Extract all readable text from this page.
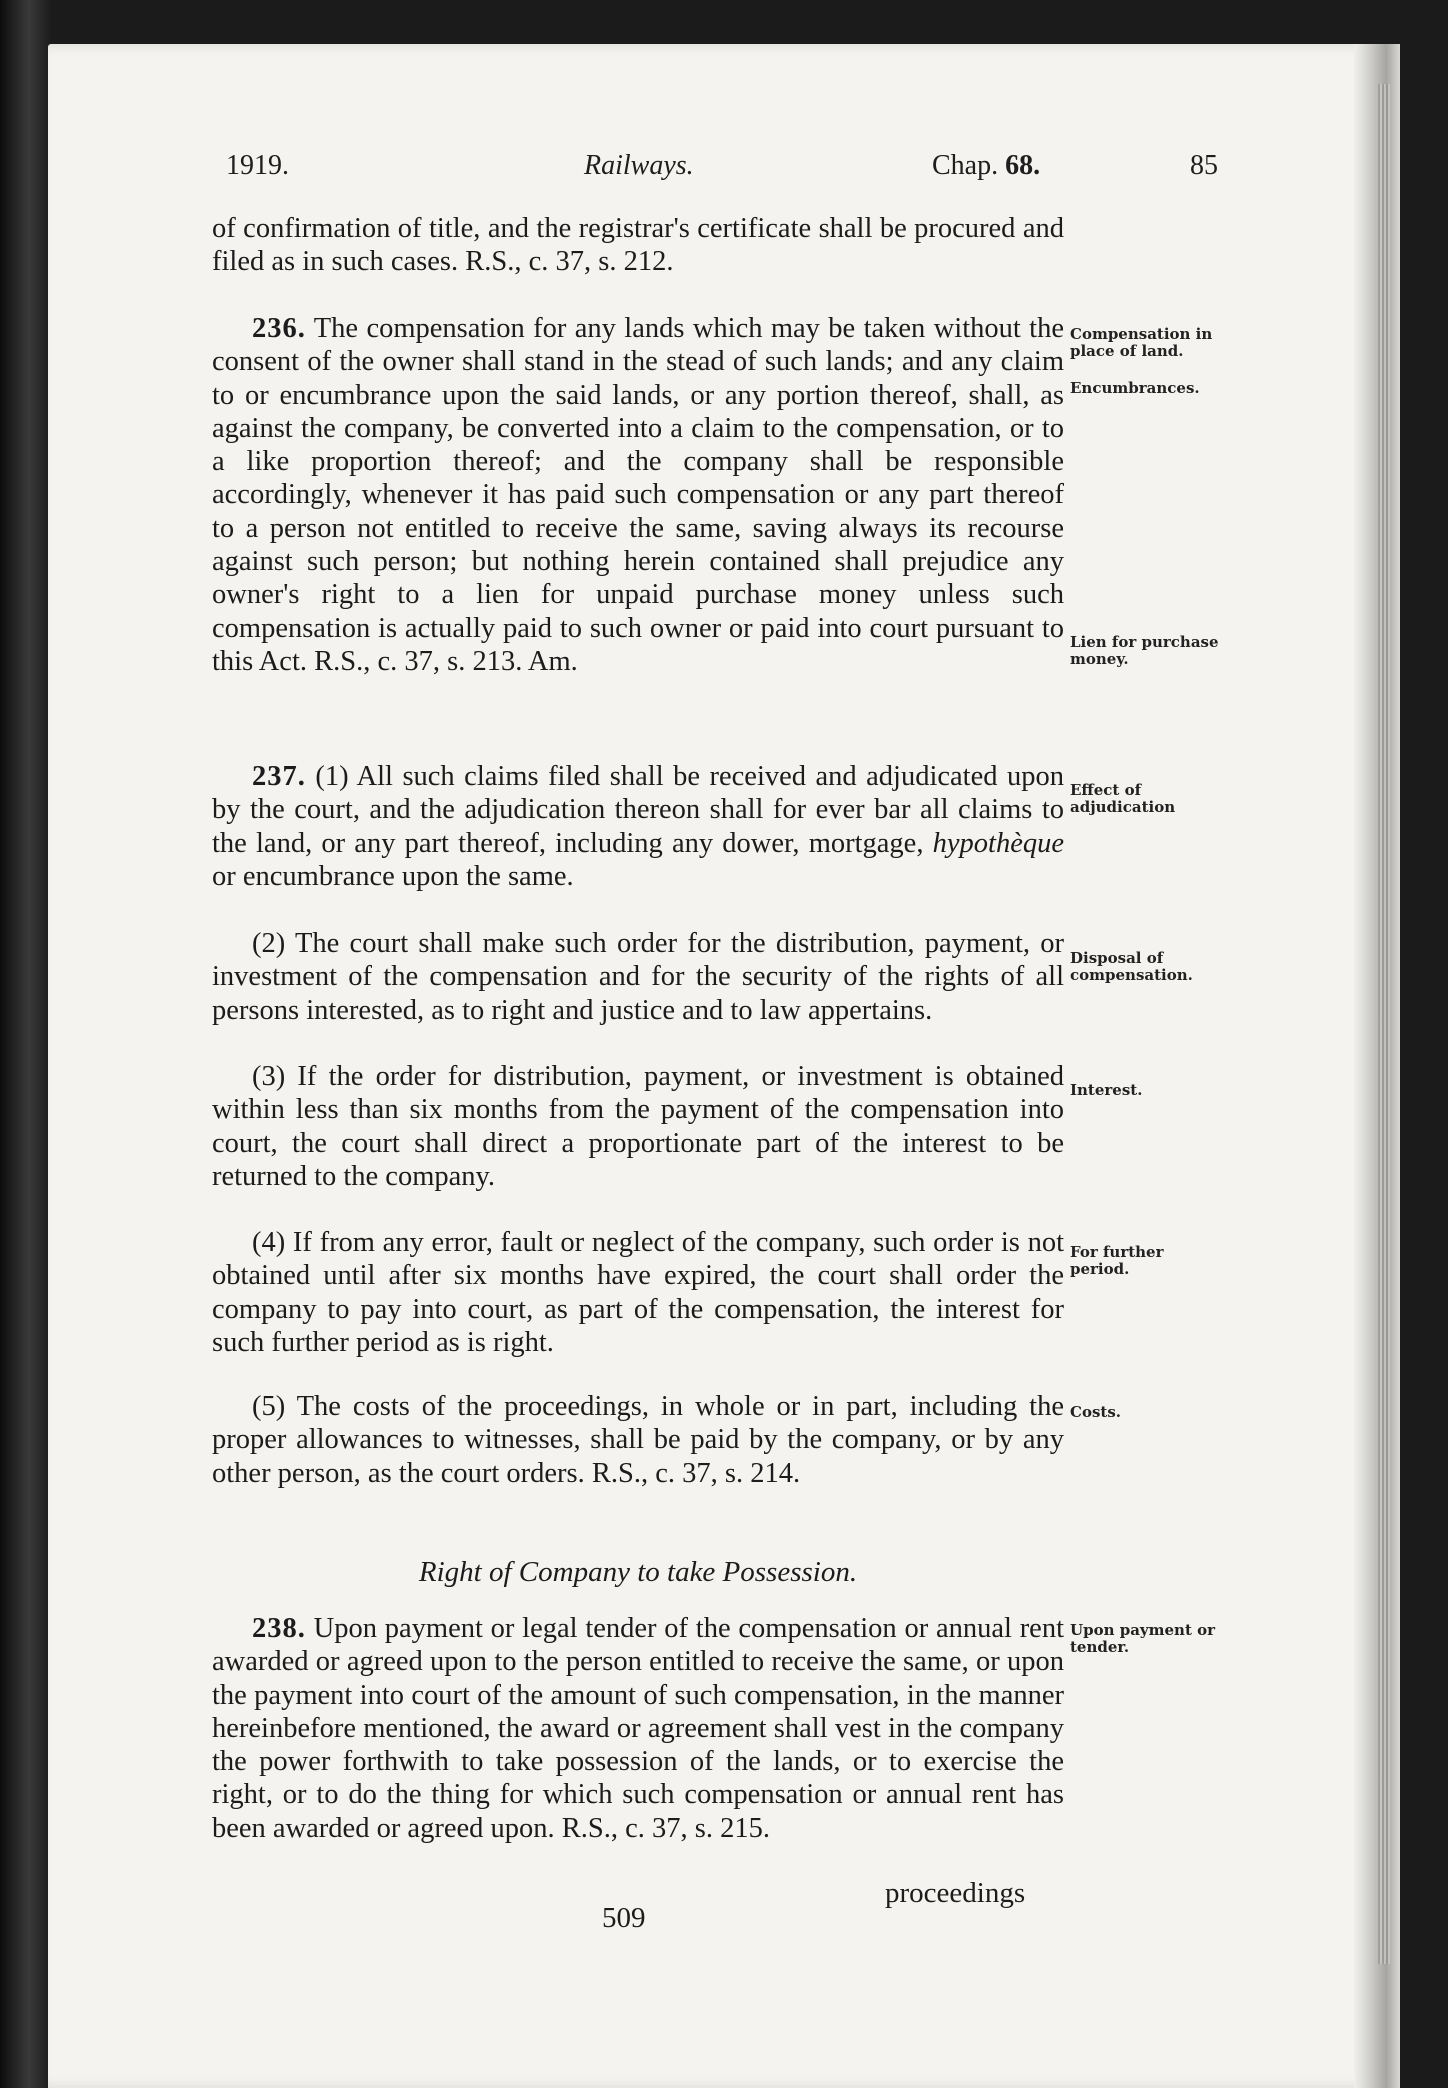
1919.	Railways.	Chap. 68.	85
of confirmation of title, and the registrar's certificate shall be procured and filed as in such cases. R.S., c. 37, s. 212.
236. The compensation for any lands which may be taken without the consent of the owner shall stand in the stead of such lands; and any claim to or encumbrance upon the said lands, or any portion thereof, shall, as against the company, be converted into a claim to the compensation, or to a like proportion thereof; and the company shall be responsible accordingly, whenever it has paid such compensation or any part thereof to a person not entitled to receive the same, saving always its recourse against such person; but nothing herein contained shall prejudice any owner's right to a lien for unpaid purchase money unless such compensation is actually paid to such owner or paid into court pursuant to this Act. R.S., c. 37, s. 213. Am.
237. (1) All such claims filed shall be received and adjudicated upon by the court, and the adjudication thereon shall for ever bar all claims to the land, or any part thereof, including any dower, mortgage, hypothèque or encumbrance upon the same.
(2) The court shall make such order for the distribution, payment, or investment of the compensation and for the security of the rights of all persons interested, as to right and justice and to law appertains.
(3) If the order for distribution, payment, or investment is obtained within less than six months from the payment of the compensation into court, the court shall direct a proportionate part of the interest to be returned to the company.
(4) If from any error, fault or neglect of the company, such order is not obtained until after six months have expired, the court shall order the company to pay into court, as part of the compensation, the interest for such further period as is right.
(5) The costs of the proceedings, in whole or in part, including the proper allowances to witnesses, shall be paid by the company, or by any other person, as the court orders. R.S., c. 37, s. 214.
Right of Company to take Possession.
238. Upon payment or legal tender of the compensation or annual rent awarded or agreed upon to the person entitled to receive the same, or upon the payment into court of the amount of such compensation, in the manner hereinbefore mentioned, the award or agreement shall vest in the company the power forthwith to take possession of the lands, or to exercise the right, or to do the thing for which such compensation or annual rent has been awarded or agreed upon. R.S., c. 37, s. 215.
Compensation in place of land.
Encumbrances.
Lien for purchase money.
Effect of adjudication
Disposal of compensation.
Interest.
For further period.
Costs.
Upon payment or tender.
proceedings
509
